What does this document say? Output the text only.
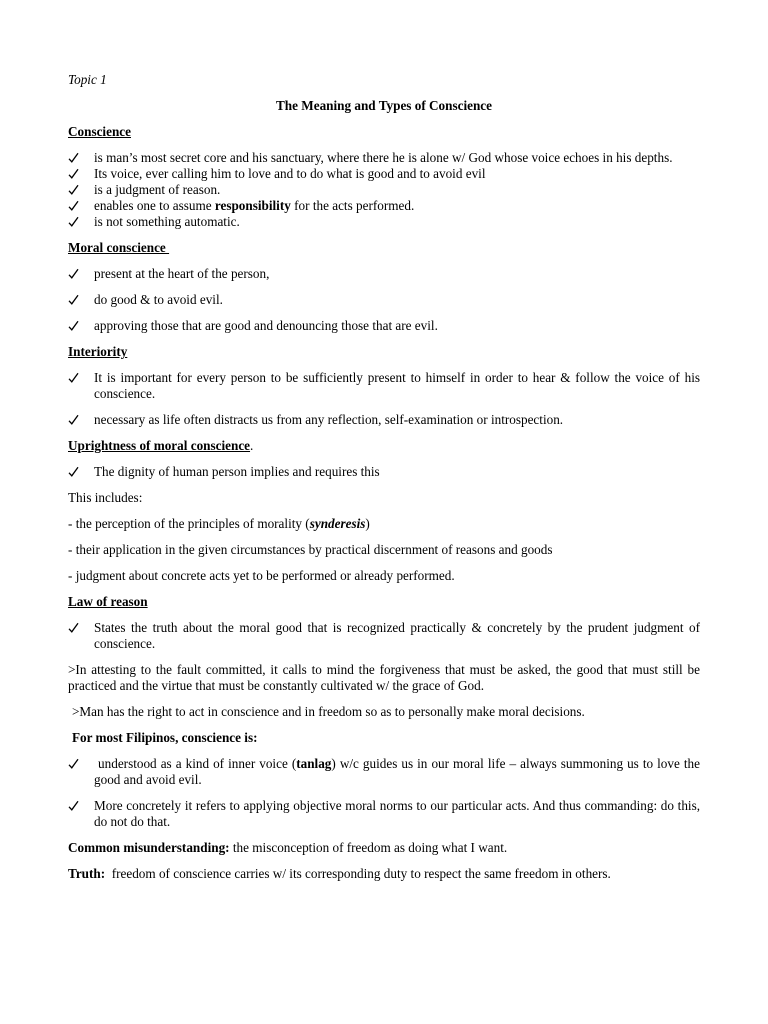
Topic 1

The Meaning and Types of Conscience

Conscience

is man’s most secret core and his sanctuary, where there he is alone w/ God whose voice echoes in his depths.
Its voice, ever calling him to love and to do what is good and to avoid evil
is a judgment of reason.
enables one to assume responsibility for the acts performed.
is not something automatic.

Moral conscience

present at the heart of the person,
do good & to avoid evil.
approving those that are good and denouncing those that are evil.

Interiority

It is important for every person to be sufficiently present to himself in order to hear & follow the voice of his conscience.
necessary as life often distracts us from any reflection, self-examination or introspection.

Uprightness of moral conscience.

The dignity of human person implies and requires this

This includes:

- the perception of the principles of morality (synderesis)

- their application in the given circumstances by practical discernment of reasons and goods

- judgment about concrete acts yet to be performed or already performed.

Law of reason

States the truth about the moral good that is recognized practically & concretely by the prudent judgment of conscience.

>In attesting to the fault committed, it calls to mind the forgiveness that must be asked, the good that must still be practiced and the virtue that must be constantly cultivated w/ the grace of God.

>Man has the right to act in conscience and in freedom so as to personally make moral decisions.

For most Filipinos, conscience is:

understood as a kind of inner voice (tanlag) w/c guides us in our moral life – always summoning us to love the good and avoid evil.
More concretely it refers to applying objective moral norms to our particular acts. And thus commanding: do this, do not do that.

Common misunderstanding: the misconception of freedom as doing what I want.

Truth:  freedom of conscience carries w/ its corresponding duty to respect the same freedom in others.
